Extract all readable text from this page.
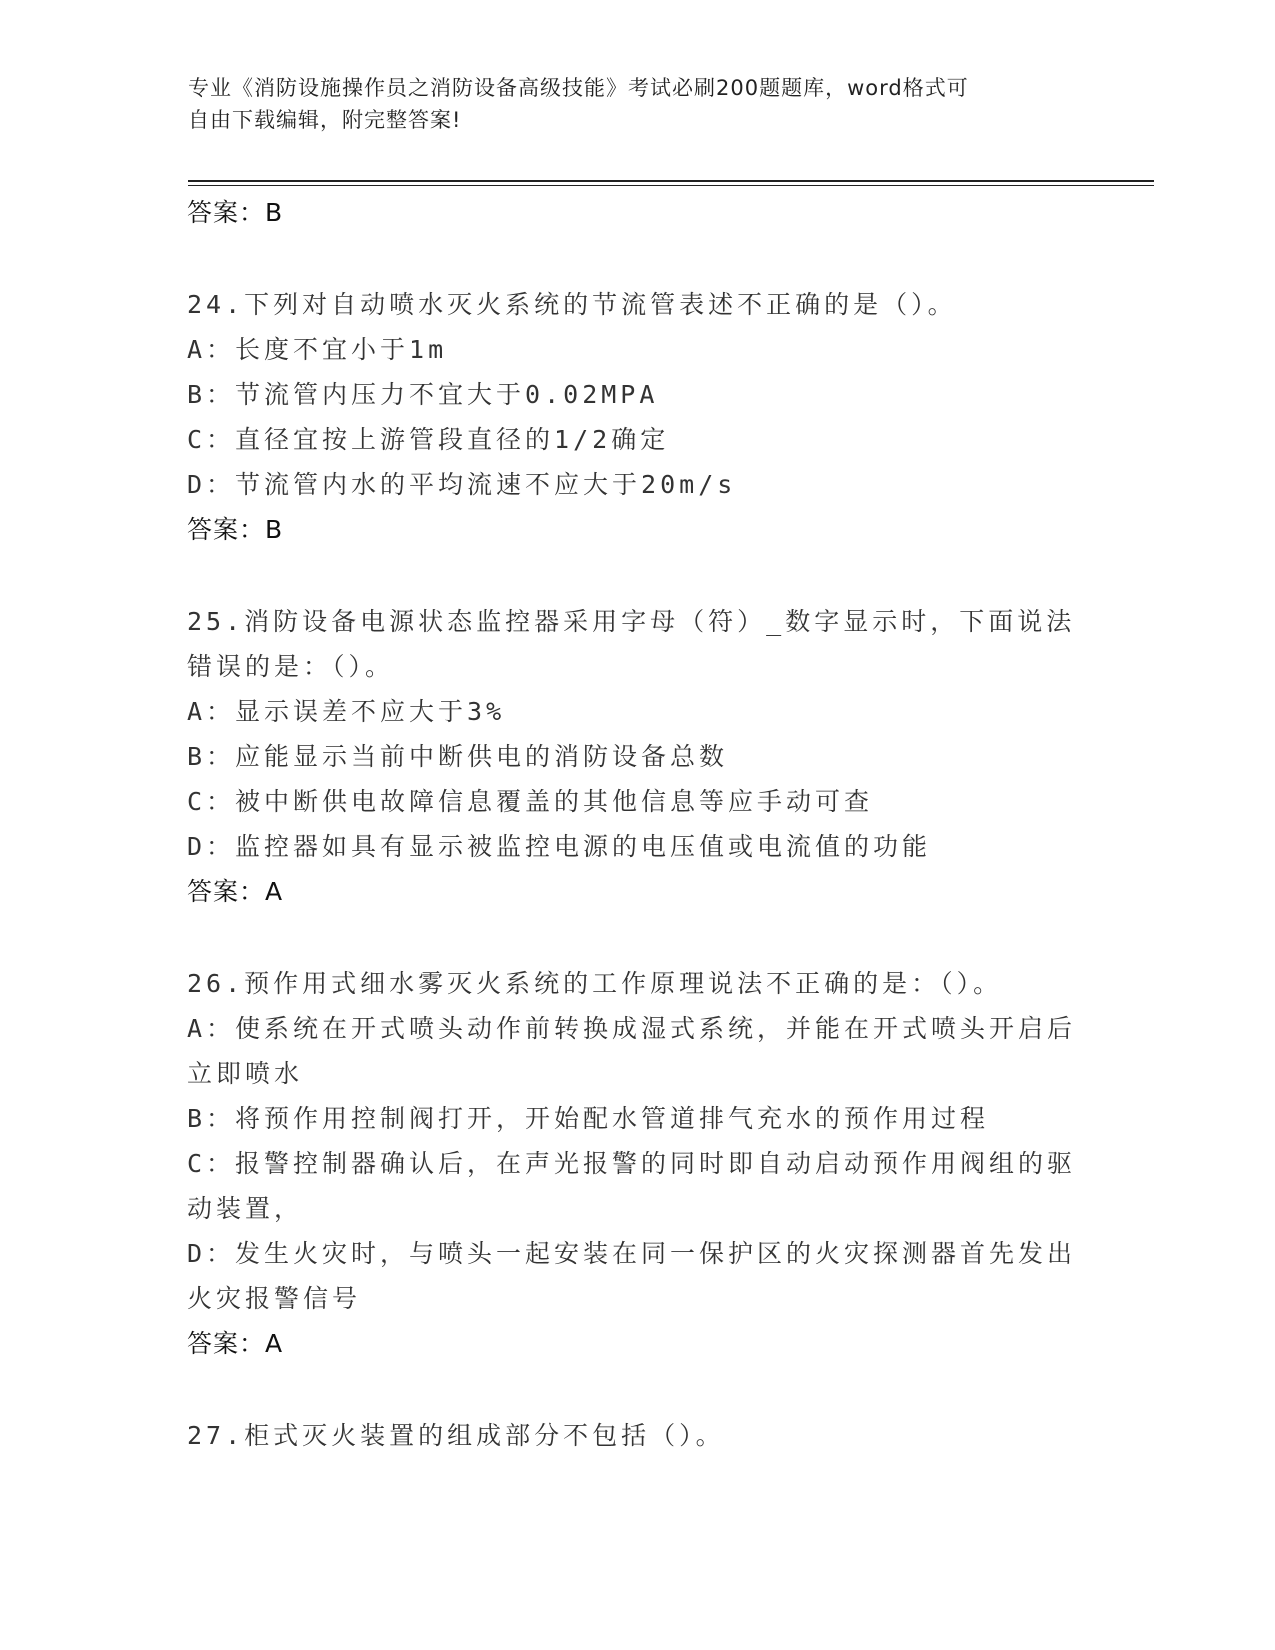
专业《消防设施操作员之消防设备高级技能》考试必刷200题题库，word格式可
自由下载编辑，附完整答案!
答案：B
24.下列对自动喷水灭火系统的节流管表述不正确的是（）。
A：长度不宜小于1m
B：节流管内压力不宜大于0.02MPA
C：直径宜按上游管段直径的1/2确定
D：节流管内水的平均流速不应大于20m/s
答案：B
25.消防设备电源状态监控器采用字母（符）_数字显示时，下面说法
错误的是：（）。
A：显示误差不应大于3%
B：应能显示当前中断供电的消防设备总数
C：被中断供电故障信息覆盖的其他信息等应手动可查
D：监控器如具有显示被监控电源的电压值或电流值的功能
答案：A
26.预作用式细水雾灭火系统的工作原理说法不正确的是：（）。
A：使系统在开式喷头动作前转换成湿式系统，并能在开式喷头开启后
立即喷水
B：将预作用控制阀打开，开始配水管道排气充水的预作用过程
C：报警控制器确认后，在声光报警的同时即自动启动预作用阀组的驱
动装置，
D：发生火灾时，与喷头一起安装在同一保护区的火灾探测器首先发出
火灾报警信号
答案：A
27.柜式灭火装置的组成部分不包括（）。
